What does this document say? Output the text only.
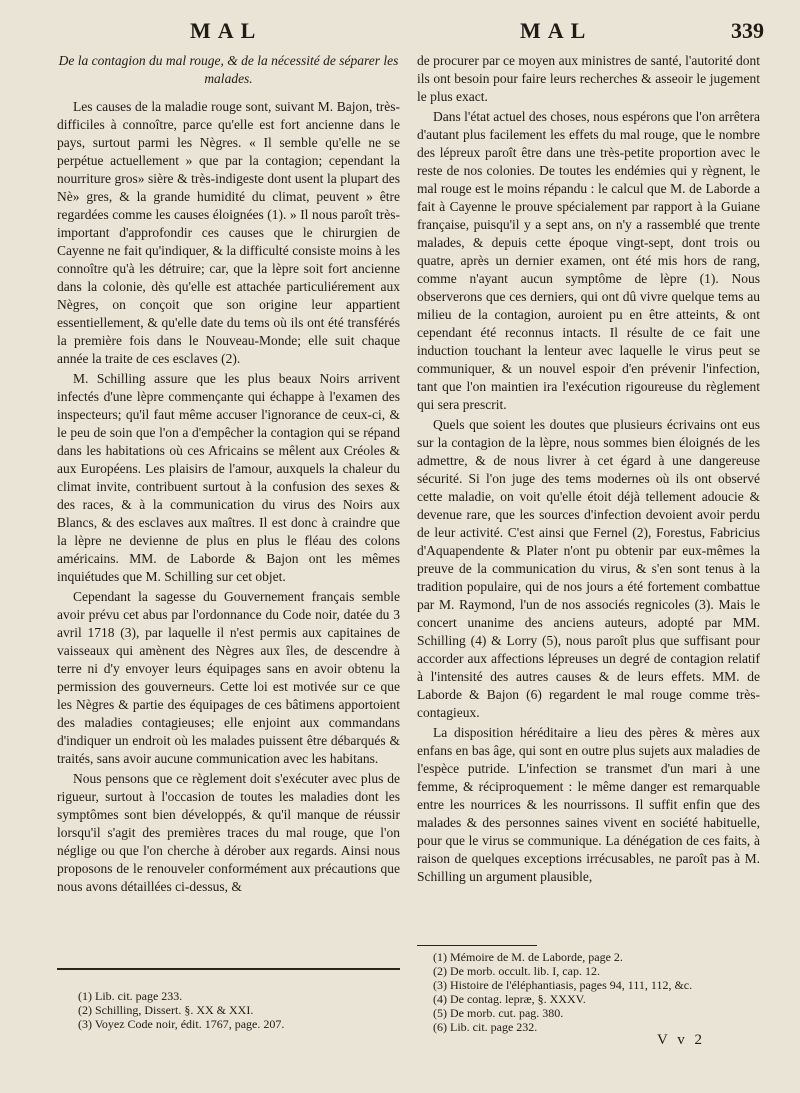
MAL	MAL	339
De la contagion du mal rouge, & de la nécessité de séparer les malades.

Les causes de la maladie rouge sont, suivant M. Bajon, très-difficiles à connoître, parce qu'elle est fort ancienne dans le pays, surtout parmi les Nègres. « Il semble qu'elle ne se perpétue actuellement » que par la contagion; cependant la nourriture gros» sière & très-indigeste dont usent la plupart des Nè» gres, & la grande humidité du climat, peuvent » être regardées comme les causes éloignées (1). » Il nous paroît très-important d'approfondir ces causes que le chirurgien de Cayenne ne fait qu'indiquer, & la difficulté consiste moins à les connoître qu'à les détruire; car, que la lèpre soit fort ancienne dans la colonie, dès qu'elle est attachée particuliérement aux Nègres, on conçoit que son origine leur appartient essentiellement, & qu'elle date du tems où ils ont été transférés la première fois dans le Nouveau-Monde; elle suit chaque année la traite de ces esclaves (2).

M. Schilling assure que les plus beaux Noirs arrivent infectés d'une lèpre commençante qui échappe à l'examen des inspecteurs; qu'il faut même accuser l'ignorance de ceux-ci, & le peu de soin que l'on a d'empêcher la contagion qui se répand dans les habitations où ces Africains se mêlent aux Créoles & aux Européens. Les plaisirs de l'amour, auxquels la chaleur du climat invite, contribuent surtout à la confusion des sexes & des races, & à la communication du virus des Noirs aux Blancs, & des esclaves aux maîtres. Il est donc à craindre que la lèpre ne devienne de plus en plus le fléau des colons américains. MM. de Laborde & Bajon ont les mêmes inquiétudes que M. Schilling sur cet objet.

Cependant la sagesse du Gouvernement français semble avoir prévu cet abus par l'ordonnance du Code noir, datée du 3 avril 1718 (3), par laquelle il n'est permis aux capitaines de vaisseaux qui amènent des Nègres aux îles, de descendre à terre ni d'y envoyer leurs équipages sans en avoir obtenu la permission des gouverneurs. Cette loi est motivée sur ce que les Nègres & partie des équipages de ces bâtimens apportoient des maladies contagieuses; elle enjoint aux commandans d'indiquer un endroit où les malades puissent être débarqués & traités, sans avoir aucune communication avec les habitans.

Nous pensons que ce règlement doit s'exécuter avec plus de rigueur, surtout à l'occasion de toutes les maladies dont les symptômes sont bien développés, & qu'il manque de réussir lorsqu'il s'agit des premières traces du mal rouge, que l'on néglige ou que l'on cherche à dérober aux regards. Ainsi nous proposons de le renouveler conformément aux précautions que nous avons détaillées ci-dessus, &

de procurer par ce moyen aux ministres de santé, l'autorité dont ils ont besoin pour faire leurs recherches & asseoir le jugement le plus exact.

Dans l'état actuel des choses, nous espérons que l'on arrêtera d'autant plus facilement les effets du mal rouge, que le nombre des lépreux paroît être dans une très-petite proportion avec le reste de nos colonies. De toutes les endémies qui y règnent, le mal rouge est le moins répandu : le calcul que M. de Laborde a fait à Cayenne le prouve spécialement par rapport à la Guiane française, puisqu'il y a sept ans, on n'y a rassemblé que trente malades, & depuis cette époque vingt-sept, dont trois ou quatre, après un dernier examen, ont été mis hors de rang, comme n'ayant aucun symptôme de lèpre (1). Nous observerons que ces derniers, qui ont dû vivre quelque tems au milieu de la contagion, auroient pu en être atteints, & ont cependant été reconnus intacts. Il résulte de ce fait une induction touchant la lenteur avec laquelle le virus peut se communiquer, & un nouvel espoir d'en prévenir l'infection, tant que l'on maintien ira l'exécution rigoureuse du règlement qui sera prescrit.

Quels que soient les doutes que plusieurs écrivains ont eus sur la contagion de la lèpre, nous sommes bien éloignés de les admettre, & de nous livrer à cet égard à une dangereuse sécurité. Si l'on juge des tems modernes où ils ont observé cette maladie, on voit qu'elle étoit déjà tellement adoucie & devenue rare, que les sources d'infection devoient avoir perdu de leur activité. C'est ainsi que Fernel (2), Forestus, Fabricius d'Aquapendente & Plater n'ont pu obtenir par eux-mêmes la preuve de la communication du virus, & s'en sont tenus à la tradition populaire, qui de nos jours a été fortement combattue par M. Raymond, l'un de nos associés regnicoles (3). Mais le concert unanime des anciens auteurs, adopté par MM. Schilling (4) & Lorry (5), nous paroît plus que suffisant pour accorder aux affections lépreuses un degré de contagion relatif à l'intensité des autres causes & de leurs effets. MM. de Laborde & Bajon (6) regardent le mal rouge comme très-contagieux.

La disposition héréditaire a lieu des pères & mères aux enfans en bas âge, qui sont en outre plus sujets aux maladies de l'espèce putride. L'infection se transmet d'un mari à une femme, & réciproquement : le même danger est remarquable entre les nourrices & les nourrissons. Il suffit enfin que des malades & des personnes saines vivent en société habituelle, pour que le virus se communique. La dénégation de ces faits, à raison de quelques exceptions irrécusables, ne paroît pas à M. Schilling un argument plausible,

(1) Lib. cit. page 233.

(2) Schilling, Dissert. §. XX & XXI.

(3) Voyez Code noir, édit. 1767, page. 207.

(1) Mémoire de M. de Laborde, page 2.

(2) De morb. occult. lib. I, cap. 12.

(3) Histoire de l'éléphantiasis, pages 94, 111, 112, &c.

(4) De contag. lepræ, §. XXXV.

(5) De morb. cut. pag. 380.

(6) Lib. cit. page 232.

V v 2
